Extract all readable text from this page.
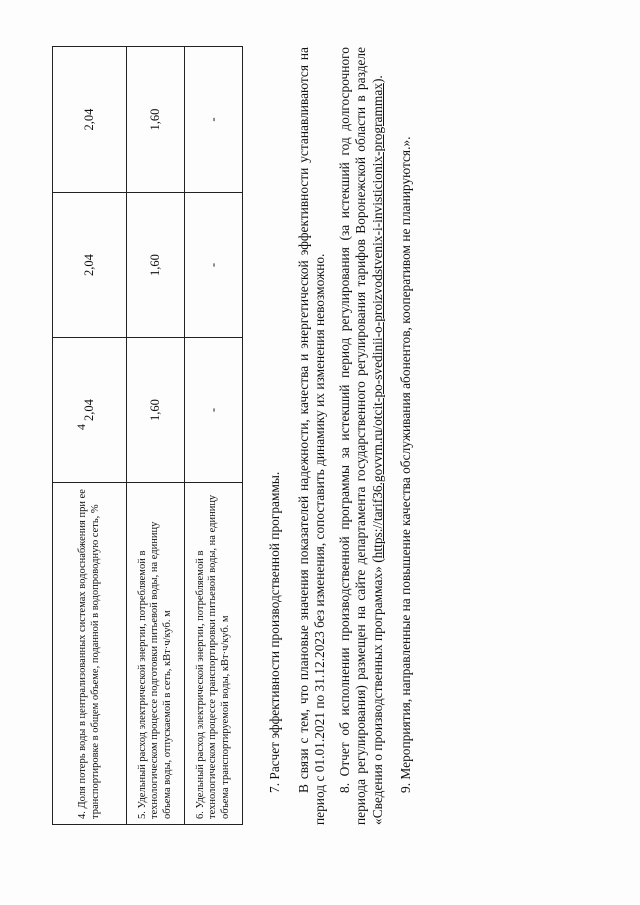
4
4. Доля потерь воды в централизованных системах водоснабжения при ее транспортировке в общем объеме, поданной в водопроводную сеть, %	2,04	2,04	2,04
5. Удельный расход электрической энергии, потребляемой в технологическом процессе подготовки питьевой воды, на единицу объема воды, отпускаемой в сеть, кВт·ч/куб. м	1,60	1,60	1,60
6. Удельный расход электрической энергии, потребляемой в технологическом процессе транспортировки питьевой воды, на единицу объема транспортируемой воды, кВт·ч/куб. м	-	-	-

7. Расчет эффективности производственной программы. В связи с тем, что плановые значения показателей надежности, качества и энергетической эффективности устанавливаются на период с 01.01.2021 по 31.12.2023 без изменения, сопоставить динамику их изменения невозможно. 8. Отчет об исполнении производственной программы за истекший период регулирования (за истекший год долгосрочного периода регулирования) размещен на сайте департамента государственного регулирования тарифов Воронежской области в разделе «Сведения о производственных программах» (https://tarif36.govvrn.ru/otcit-po-svedinii-o-proizvodstvenix-i-invisticionix-programmax).

9. Мероприятия, направленные на повышение качества обслуживания абонентов, кооперативом не планируются.».
